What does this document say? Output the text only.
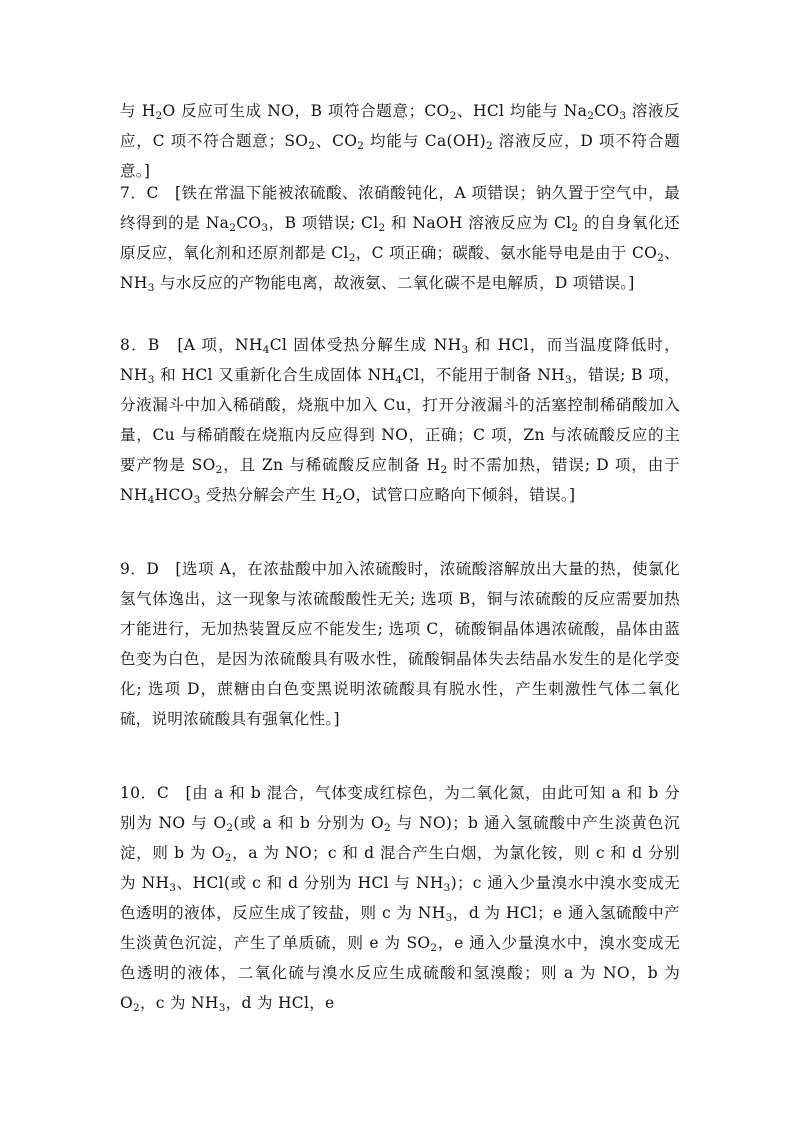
与 $H_2O$ 反应可生成 NO，B 项符合题意；$CO_2$、HCl 均能与 $Na_2CO_3$ 溶液反应，C 项不符合题意；$SO_2$、$CO_2$ 均能与 $Ca(OH)_2$ 溶液反应，D 项不符合题意。]

7．C　[铁在常温下能被浓硫酸、浓硝酸钝化，A 项错误；钠久置于空气中，最终得到的是 $Na_2CO_3$，B 项错误; $Cl_2$ 和 NaOH 溶液反应为 $Cl_2$ 的自身氧化还原反应，氧化剂和还原剂都是 $Cl_2$，C 项正确；碳酸、氨水能导电是由于 $CO_2$、$NH_3$ 与水反应的产物能电离，故液氨、二氧化碳不是电解质，D 项错误。]

8．B　[A 项，$NH_4Cl$ 固体受热分解生成 $NH_3$ 和 HCl，而当温度降低时，$NH_3$ 和 HCl 又重新化合生成固体 $NH_4Cl$，不能用于制备 $NH_3$，错误; B 项，分液漏斗中加入稀硝酸，烧瓶中加入 Cu，打开分液漏斗的活塞控制稀硝酸加入量，Cu 与稀硝酸在烧瓶内反应得到 NO，正确；C 项，Zn 与浓硫酸反应的主要产物是 $SO_2$，且 Zn 与稀硫酸反应制备 $H_2$ 时不需加热，错误; D 项，由于 $NH_4HCO_3$ 受热分解会产生 $H_2O$，试管口应略向下倾斜，错误。]

9．D　[选项 A，在浓盐酸中加入浓硫酸时，浓硫酸溶解放出大量的热，使氯化氢气体逸出，这一现象与浓硫酸酸性无关; 选项 B，铜与浓硫酸的反应需要加热才能进行，无加热装置反应不能发生; 选项 C，硫酸铜晶体遇浓硫酸，晶体由蓝色变为白色，是因为浓硫酸具有吸水性，硫酸铜晶体失去结晶水发生的是化学变化; 选项 D，蔗糖由白色变黑说明浓硫酸具有脱水性，产生刺激性气体二氧化硫，说明浓硫酸具有强氧化性。]

10．C　[由 a 和 b 混合，气体变成红棕色，为二氧化氮，由此可知 a 和 b 分别为 NO 与 $O_2$(或 a 和 b 分别为 $O_2$ 与 NO)；b 通入氢硫酸中产生淡黄色沉淀，则 b 为 $O_2$，a 为 NO；c 和 d 混合产生白烟，为氯化铵，则 c 和 d 分别为 $NH_3$、HCl(或 c 和 d 分别为 HCl 与 $NH_3$)；c 通入少量溴水中溴水变成无色透明的液体，反应生成了铵盐，则 c 为 $NH_3$，d 为 HCl；e 通入氢硫酸中产生淡黄色沉淀，产生了单质硫，则 e 为 $SO_2$，e 通入少量溴水中，溴水变成无色透明的液体，二氧化硫与溴水反应生成硫酸和氢溴酸；则 a 为 NO，b 为 $O_2$，c 为 $NH_3$，d 为 HCl，e
